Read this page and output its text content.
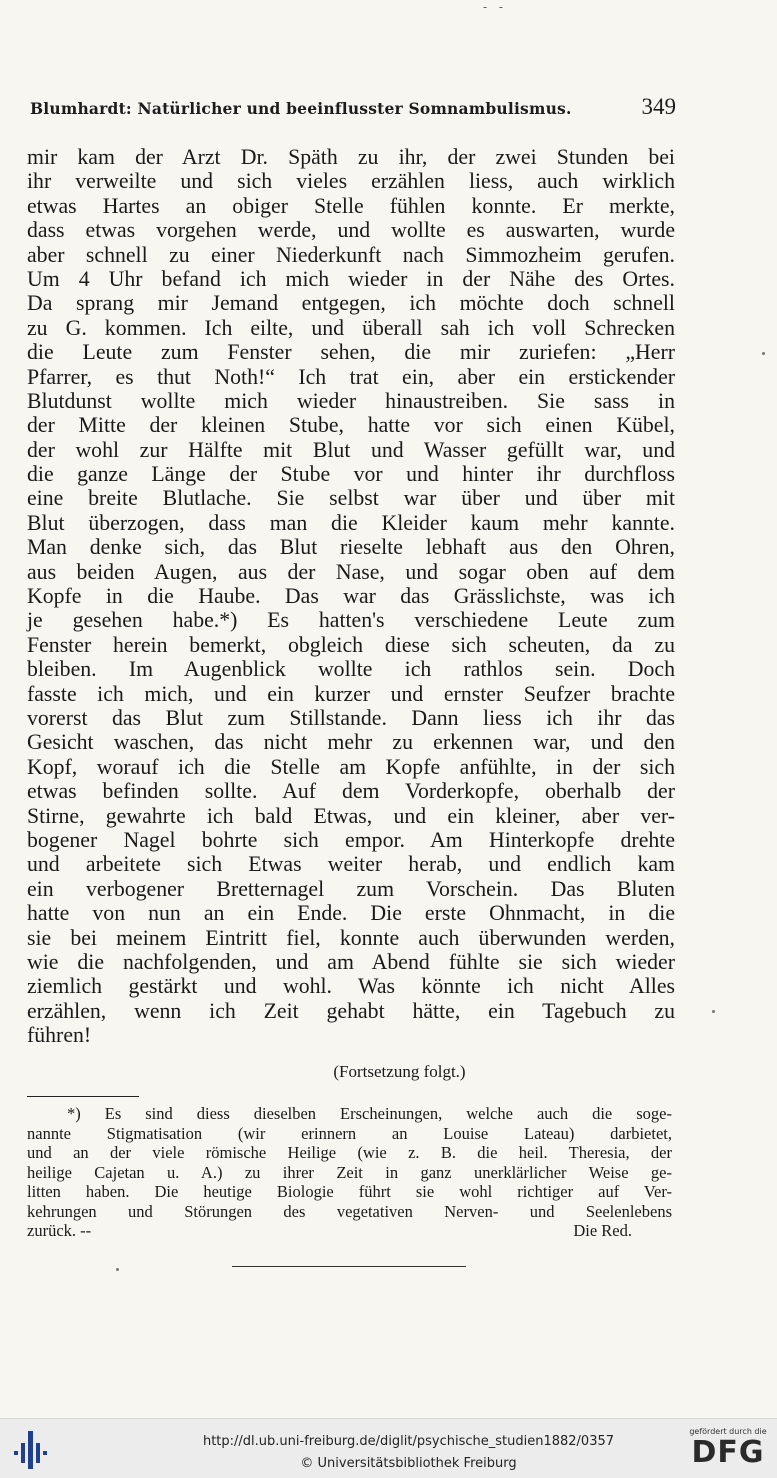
- -
Blumhardt: Natürlicher und beeinflusster Somnambulismus.	349
mir kam der Arzt Dr. Späth zu ihr, der zwei Stunden bei
ihr verweilte und sich vieles erzählen liess, auch wirklich
etwas Hartes an obiger Stelle fühlen konnte. Er merkte,
dass etwas vorgehen werde, und wollte es auswarten, wurde
aber schnell zu einer Niederkunft nach Simmozheim gerufen.
Um 4 Uhr befand ich mich wieder in der Nähe des Ortes.
Da sprang mir Jemand entgegen, ich möchte doch schnell
zu G. kommen. Ich eilte, und überall sah ich voll Schrecken
die Leute zum Fenster sehen, die mir zuriefen: „Herr
Pfarrer, es thut Noth!“ Ich trat ein, aber ein erstickender
Blutdunst wollte mich wieder hinaustreiben. Sie sass in
der Mitte der kleinen Stube, hatte vor sich einen Kübel,
der wohl zur Hälfte mit Blut und Wasser gefüllt war, und
die ganze Länge der Stube vor und hinter ihr durchfloss
eine breite Blutlache. Sie selbst war über und über mit
Blut überzogen, dass man die Kleider kaum mehr kannte.
Man denke sich, das Blut rieselte lebhaft aus den Ohren,
aus beiden Augen, aus der Nase, und sogar oben auf dem
Kopfe in die Haube. Das war das Grässlichste, was ich
je gesehen habe.*) Es hatten's verschiedene Leute zum
Fenster herein bemerkt, obgleich diese sich scheuten, da zu
bleiben. Im Augenblick wollte ich rathlos sein. Doch
fasste ich mich, und ein kurzer und ernster Seufzer brachte
vorerst das Blut zum Stillstande. Dann liess ich ihr das
Gesicht waschen, das nicht mehr zu erkennen war, und den
Kopf, worauf ich die Stelle am Kopfe anfühlte, in der sich
etwas befinden sollte. Auf dem Vorderkopfe, oberhalb der
Stirne, gewahrte ich bald Etwas, und ein kleiner, aber ver-
bogener Nagel bohrte sich empor. Am Hinterkopfe drehte
und arbeitete sich Etwas weiter herab, und endlich kam
ein verbogener Bretternagel zum Vorschein. Das Bluten
hatte von nun an ein Ende. Die erste Ohnmacht, in die
sie bei meinem Eintritt fiel, konnte auch überwunden werden,
wie die nachfolgenden, und am Abend fühlte sie sich wieder
ziemlich gestärkt und wohl. Was könnte ich nicht Alles
erzählen, wenn ich Zeit gehabt hätte, ein Tagebuch zu
führen!
(Fortsetzung folgt.)
*) Es sind diess dieselben Erscheinungen, welche auch die soge-
nannte Stigmatisation (wir erinnern an Louise Lateau) darbietet,
und an der viele römische Heilige (wie z. B. die heil. Theresia, der
heilige Cajetan u. A.) zu ihrer Zeit in ganz unerklärlicher Weise ge-
litten haben. Die heutige Biologie führt sie wohl richtiger auf Ver-
kehrungen und Störungen des vegetativen Nerven- und Seelenlebens
zurück. --	Die Red.
http://dl.ub.uni-freiburg.de/diglit/psychische_studien1882/0357
© Universitätsbibliothek Freiburg
gefördert durch die
DFG
